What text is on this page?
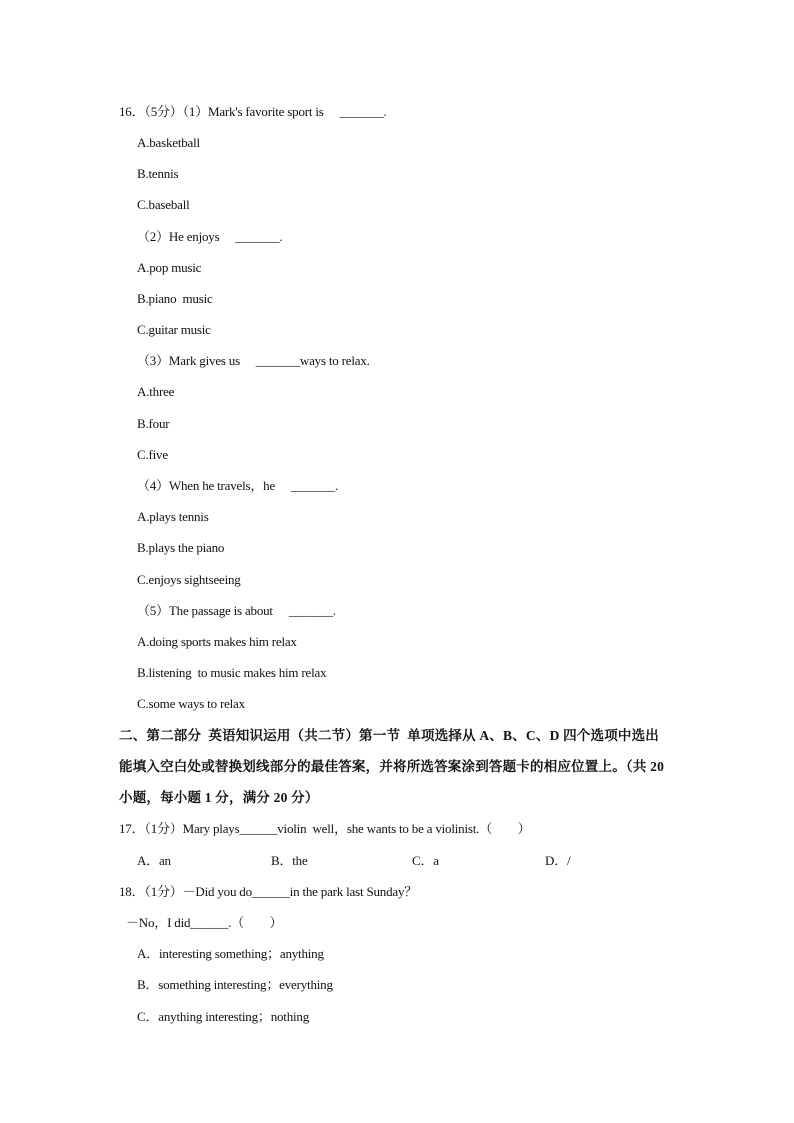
16．（5分）（1）Mark's favorite sport is　 _______.
A.basketball
B.tennis
C.baseball
（2）He enjoys　 _______.
A.pop music
B.piano  music
C.guitar music
（3）Mark gives us　 _______ways to relax.
A.three
B.four
C.five
（4）When he travels，he　 _______.
A.plays tennis
B.plays the piano
C.enjoys sightseeing
（5）The passage is about　 _______.
A.doing sports makes him relax
B.listening  to music makes him relax
C.some ways to relax
二、第二部分  英语知识运用（共二节）第一节  单项选择从 A、B、C、D 四个选项中选出
能填入空白处或替换划线部分的最佳答案，并将所选答案涂到答题卡的相应位置上。（共 20
小题，每小题 1 分，满分 20 分）
17．（1分）Mary plays______violin  well，she wants to be a violinist.（　　）

A．an

	B．the

	C．a

	D．/

18．（1分）－Did you do______in the park last Sunday？
－No，I did______.（　　）
A．interesting something；anything
B．something interesting；everything
C．anything interesting；nothing
